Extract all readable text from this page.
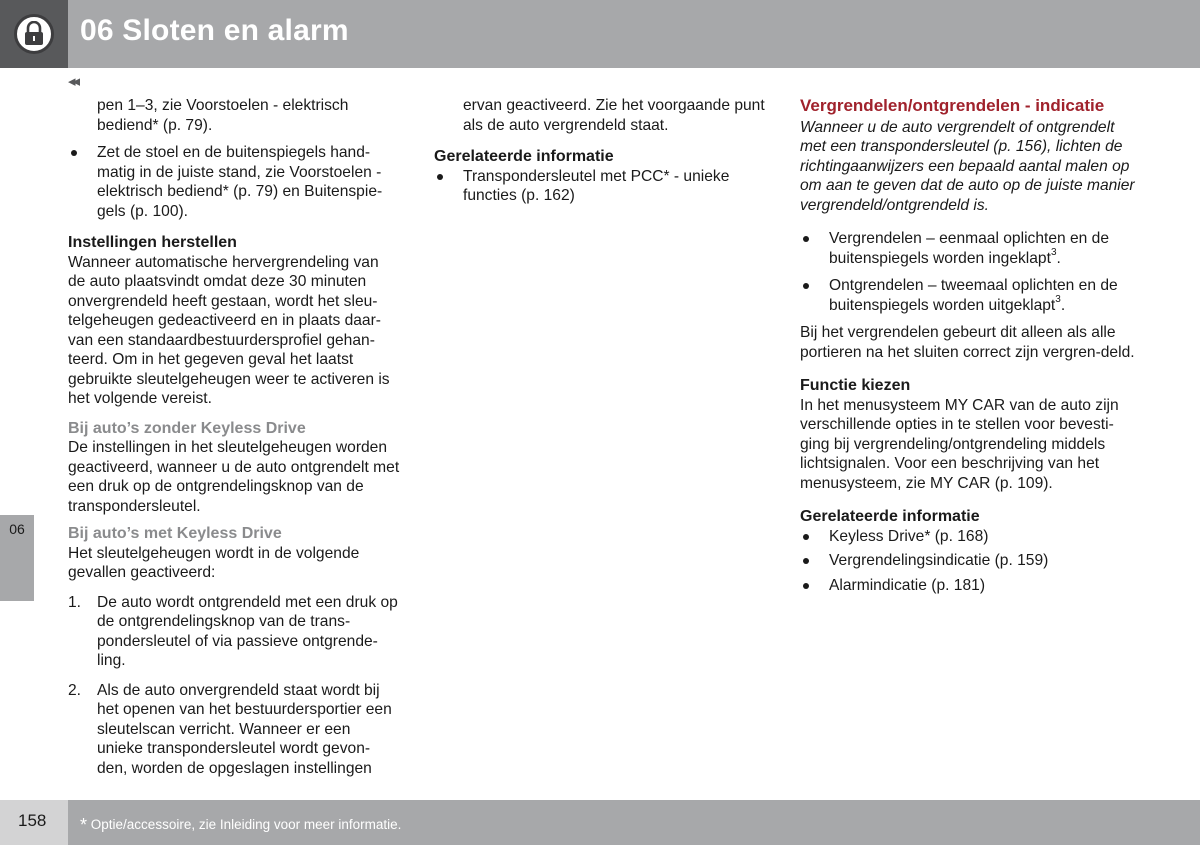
06 Sloten en alarm
◂◂
06
pen 1–3, zie Voorstoelen - elektrisch bediend* (p. 79).
Zet de stoel en de buitenspiegels hand-matig in de juiste stand, zie Voorstoelen - elektrisch bediend* (p. 79) en Buitenspie-gels (p. 100).
Instellingen herstellen
Wanneer automatische hervergrendeling van de auto plaatsvindt omdat deze 30 minuten onvergrendeld heeft gestaan, wordt het sleu-telgeheugen gedeactiveerd en in plaats daar-van een standaardbestuurdersprofiel gehan-teerd. Om in het gegeven geval het laatst gebruikte sleutelgeheugen weer te activeren is het volgende vereist.
Bij auto’s zonder Keyless Drive
De instellingen in het sleutelgeheugen worden geactiveerd, wanneer u de auto ontgrendelt met een druk op de ontgrendelingsknop van de transpondersleutel.
Bij auto’s met Keyless Drive
Het sleutelgeheugen wordt in de volgende gevallen geactiveerd:
1.	De auto wordt ontgrendeld met een druk op de ontgrendelingsknop van de trans-pondersleutel of via passieve ontgrende-ling.
2.	Als de auto onvergrendeld staat wordt bij het openen van het bestuurdersportier een sleutelscan verricht. Wanneer er een unieke transpondersleutel wordt gevon-den, worden de opgeslagen instellingen
ervan geactiveerd. Zie het voorgaande punt als de auto vergrendeld staat.
Gerelateerde informatie
Transpondersleutel met PCC* - unieke functies (p. 162)
Vergrendelen/ontgrendelen - indicatie
Wanneer u de auto vergrendelt of ontgrendelt met een transpondersleutel (p. 156), lichten de richtingaanwijzers een bepaald aantal malen op om aan te geven dat de auto op de juiste manier vergrendeld/ontgrendeld is.
Vergrendelen – eenmaal oplichten en de buitenspiegels worden ingeklapt$^3$.
Ontgrendelen – tweemaal oplichten en de buitenspiegels worden uitgeklapt$^3$.
Bij het vergrendelen gebeurt dit alleen als alle portieren na het sluiten correct zijn vergren-deld.
Functie kiezen
In het menusysteem MY CAR van de auto zijn verschillende opties in te stellen voor bevesti-ging bij vergrendeling/ontgrendeling middels lichtsignalen. Voor een beschrijving van het menusysteem, zie MY CAR (p. 109).
Gerelateerde informatie
Keyless Drive* (p. 168)
Vergrendelingsindicatie (p. 159)
Alarmindicatie (p. 181)
158 * Optie/accessoire, zie Inleiding voor meer informatie.
